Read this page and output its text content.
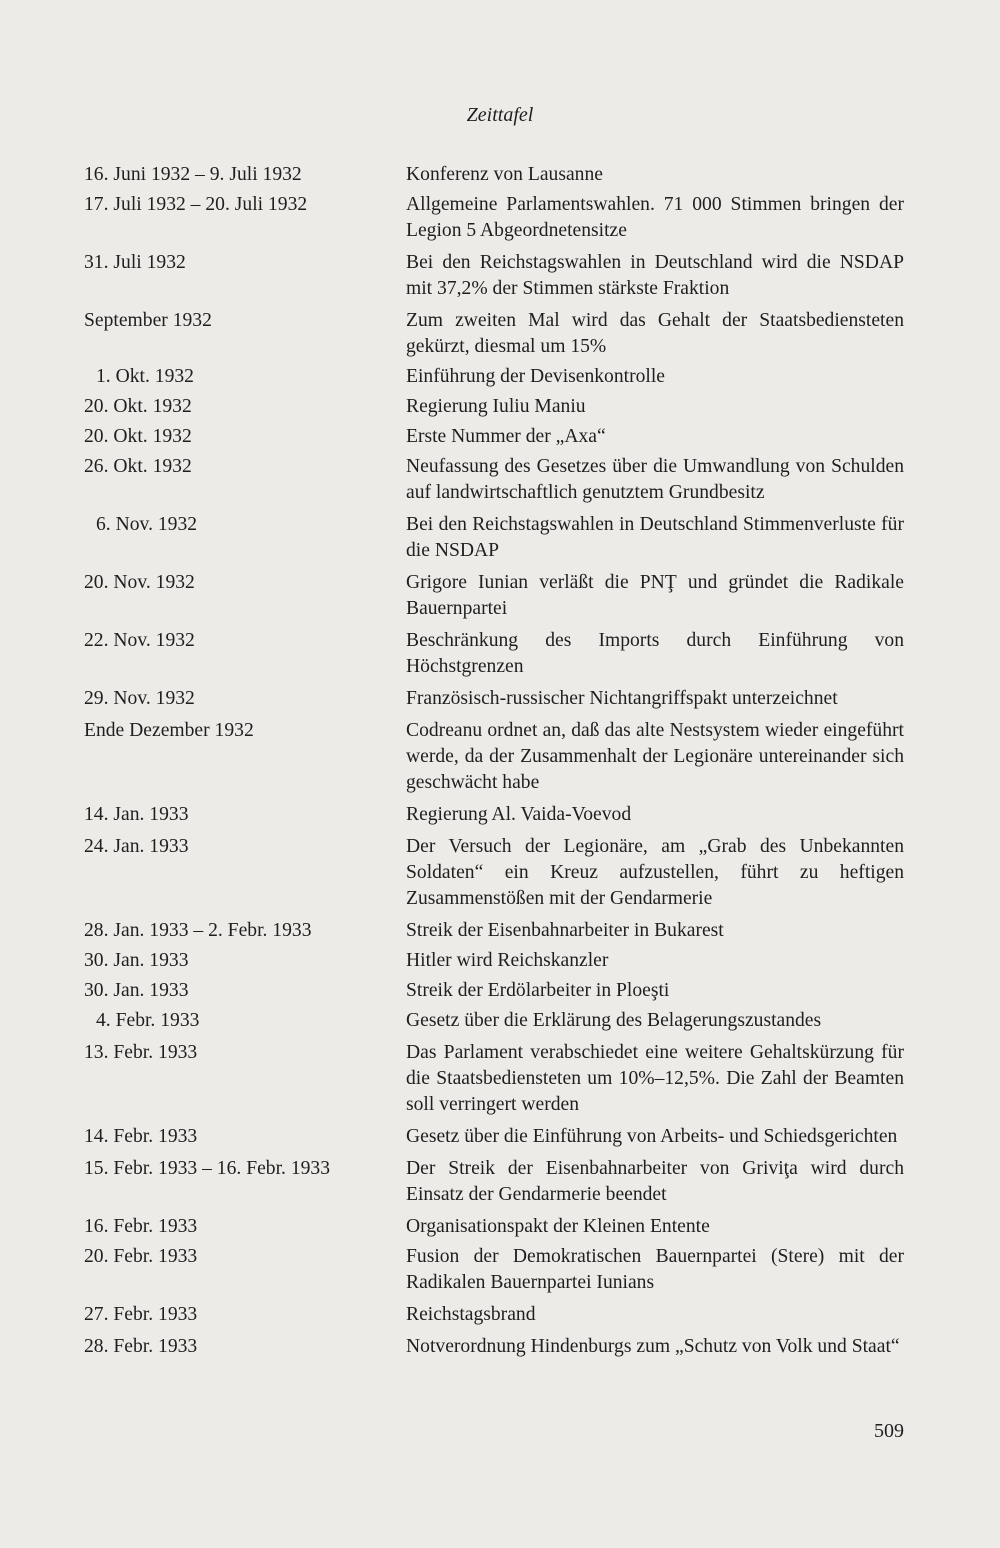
Zeittafel
16. Juni 1932 – 9. Juli 1932	Konferenz von Lausanne
17. Juli 1932 – 20. Juli 1932	Allgemeine Parlamentswahlen. 71 000 Stimmen bringen der Legion 5 Abgeordnetensitze
31. Juli 1932	Bei den Reichstagswahlen in Deutschland wird die NSDAP mit 37,2% der Stimmen stärkste Fraktion
September 1932	Zum zweiten Mal wird das Gehalt der Staatsbediensteten gekürzt, diesmal um 15%
1. Okt. 1932	Einführung der Devisenkontrolle
20. Okt. 1932	Regierung Iuliu Maniu
20. Okt. 1932	Erste Nummer der „Axa“
26. Okt. 1932	Neufassung des Gesetzes über die Umwandlung von Schulden auf landwirtschaftlich genutztem Grundbesitz
6. Nov. 1932	Bei den Reichstagswahlen in Deutschland Stimmenverluste für die NSDAP
20. Nov. 1932	Grigore Iunian verläßt die PNŢ und gründet die Radikale Bauernpartei
22. Nov. 1932	Beschränkung des Imports durch Einführung von Höchstgrenzen
29. Nov. 1932	Französisch-russischer Nichtangriffspakt unterzeichnet
Ende Dezember 1932	Codreanu ordnet an, daß das alte Nestsystem wieder eingeführt werde, da der Zusammenhalt der Legionäre untereinander sich geschwächt habe
14. Jan. 1933	Regierung Al. Vaida-Voevod
24. Jan. 1933	Der Versuch der Legionäre, am „Grab des Unbekannten Soldaten“ ein Kreuz aufzustellen, führt zu heftigen Zusammenstößen mit der Gendarmerie
28. Jan. 1933 – 2. Febr. 1933	Streik der Eisenbahnarbeiter in Bukarest
30. Jan. 1933	Hitler wird Reichskanzler
30. Jan. 1933	Streik der Erdölarbeiter in Ploeşti
4. Febr. 1933	Gesetz über die Erklärung des Belagerungszustandes
13. Febr. 1933	Das Parlament verabschiedet eine weitere Gehaltskürzung für die Staatsbediensteten um 10%–12,5%. Die Zahl der Beamten soll verringert werden
14. Febr. 1933	Gesetz über die Einführung von Arbeits- und Schiedsgerichten
15. Febr. 1933 – 16. Febr. 1933	Der Streik der Eisenbahnarbeiter von Griviţa wird durch Einsatz der Gendarmerie beendet
16. Febr. 1933	Organisationspakt der Kleinen Entente
20. Febr. 1933	Fusion der Demokratischen Bauernpartei (Stere) mit der Radikalen Bauernpartei Iunians
27. Febr. 1933	Reichstagsbrand
28. Febr. 1933	Notverordnung Hindenburgs zum „Schutz von Volk und Staat“
509
